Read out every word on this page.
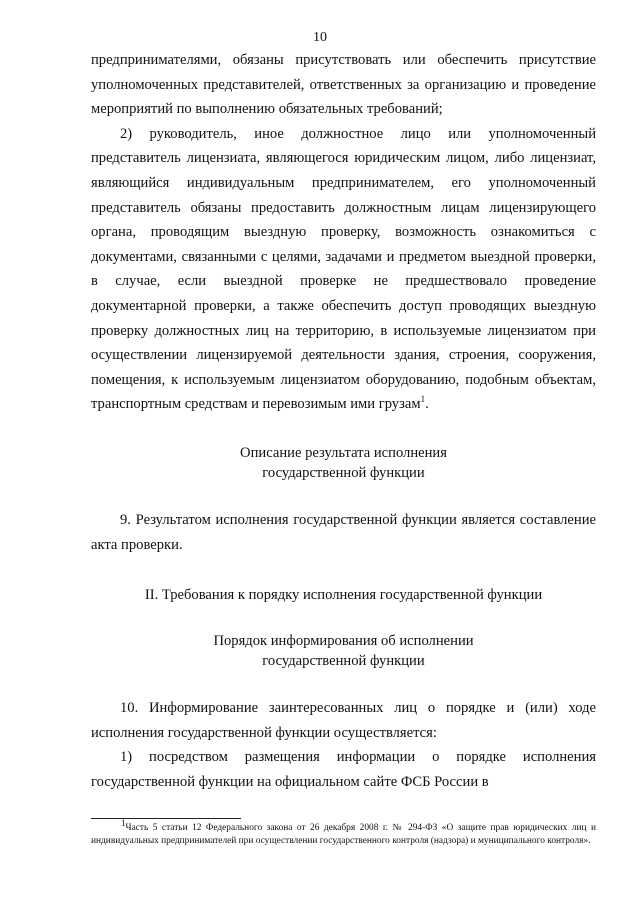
10

предпринимателями, обязаны присутствовать или обеспечить присутствие уполномоченных представителей, ответственных за организацию и проведение мероприятий по выполнению обязательных требований;

2) руководитель, иное должностное лицо или уполномоченный представитель лицензиата, являющегося юридическим лицом, либо лицензиат, являющийся индивидуальным предпринимателем, его уполномоченный представитель обязаны предоставить должностным лицам лицензирующего органа, проводящим выездную проверку, возможность ознакомиться с документами, связанными с целями, задачами и предметом выездной проверки, в случае, если выездной проверке не предшествовало проведение документарной проверки, а также обеспечить доступ проводящих выездную проверку должностных лиц на территорию, в используемые лицензиатом при осуществлении лицензируемой деятельности здания, строения, сооружения, помещения, к используемым лицензиатом оборудованию, подобным объектам, транспортным средствам и перевозимым ими грузам$^1$.

Описание результата исполнения
государственной функции

9. Результатом исполнения государственной функции является составление акта проверки.

II. Требования к порядку исполнения государственной функции

Порядок информирования об исполнении
государственной функции

10. Информирование заинтересованных лиц о порядке и (или) ходе исполнения государственной функции осуществляется:

1) посредством размещения информации о порядке исполнения государственной функции на официальном сайте ФСБ России в

1Часть 5 статьи 12 Федерального закона от 26 декабря 2008 г. № 294-ФЗ «О защите прав юридических лиц и индивидуальных предпринимателей при осуществлении государственного контроля (надзора) и муниципального контроля».
